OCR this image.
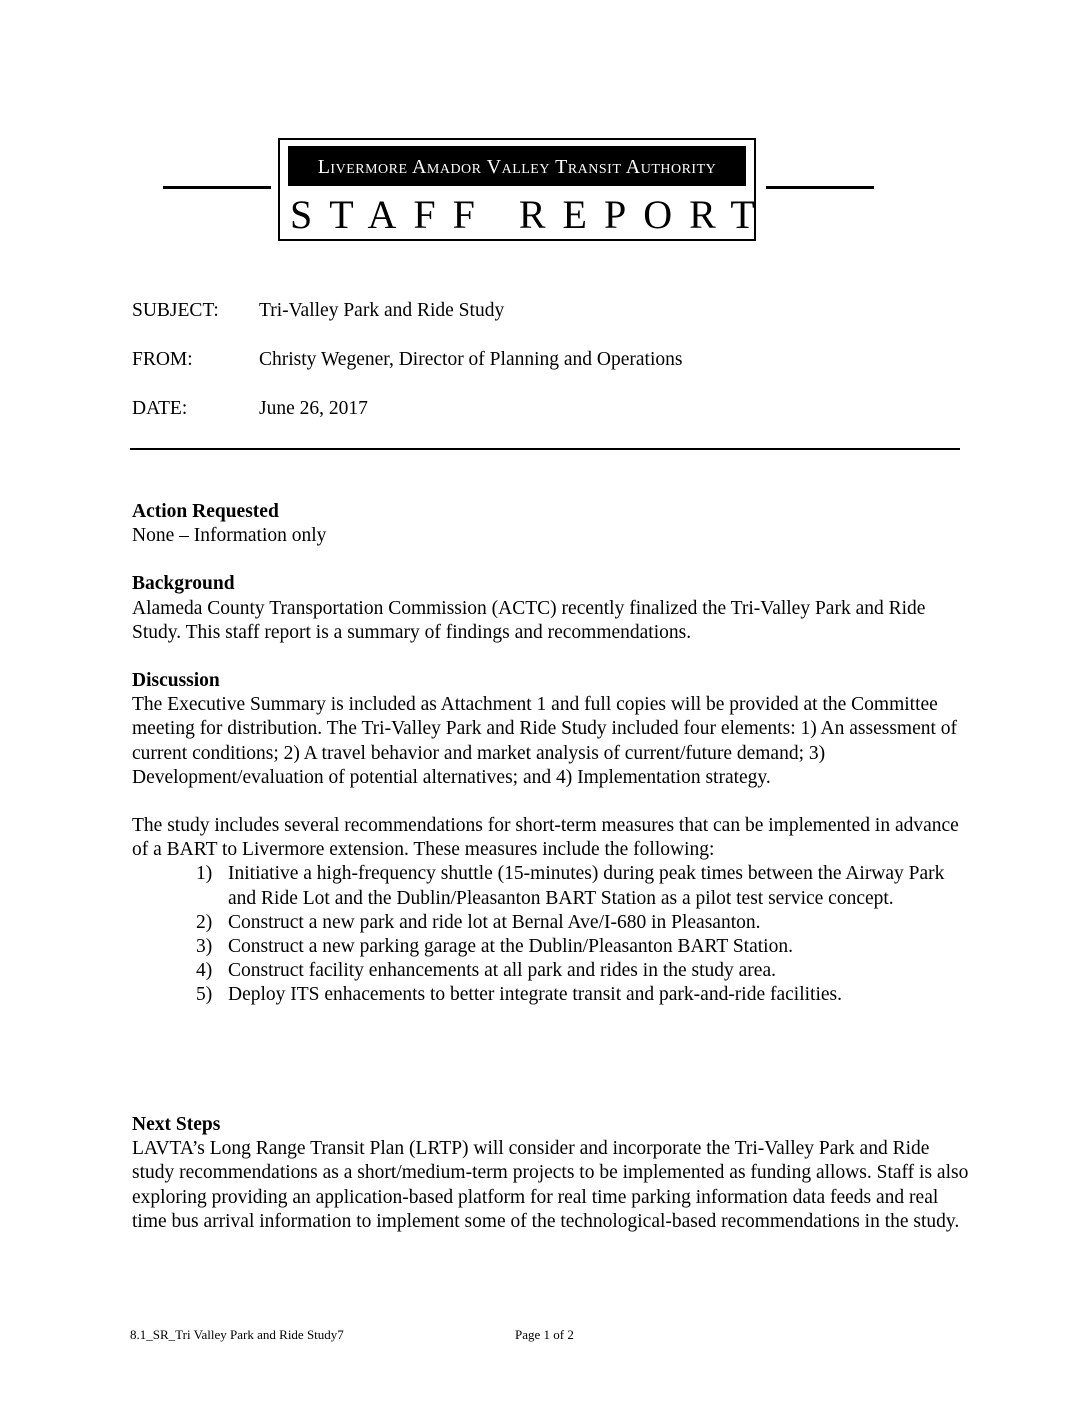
Livermore Amador Valley Transit Authority
STAFF REPORT
SUBJECT: Tri-Valley Park and Ride Study
FROM:	Christy Wegener, Director of Planning and Operations
DATE:	June 26, 2017
Action Requested
None – Information only
Background
Alameda County Transportation Commission (ACTC) recently finalized the Tri-Valley Park and Ride Study. This staff report is a summary of findings and recommendations.
Discussion
The Executive Summary is included as Attachment 1 and full copies will be provided at the Committee meeting for distribution. The Tri-Valley Park and Ride Study included four elements: 1) An assessment of current conditions; 2) A travel behavior and market analysis of current/future demand; 3) Development/evaluation of potential alternatives; and 4) Implementation strategy.
The study includes several recommendations for short-term measures that can be implemented in advance of a BART to Livermore extension. These measures include the following:
1) Initiative a high-frequency shuttle (15-minutes) during peak times between the Airway Park and Ride Lot and the Dublin/Pleasanton BART Station as a pilot test service concept.
2) Construct a new park and ride lot at Bernal Ave/I-680 in Pleasanton.
3) Construct a new parking garage at the Dublin/Pleasanton BART Station.
4) Construct facility enhancements at all park and rides in the study area.
5) Deploy ITS enhacements to better integrate transit and park-and-ride facilities.
Next Steps
LAVTA’s Long Range Transit Plan (LRTP) will consider and incorporate the Tri-Valley Park and Ride study recommendations as a short/medium-term projects to be implemented as funding allows. Staff is also exploring providing an application-based platform for real time parking information data feeds and real time bus arrival information to implement some of the technological-based recommendations in the study.
8.1_SR_Tri Valley Park and Ride Study7	Page 1 of 2
